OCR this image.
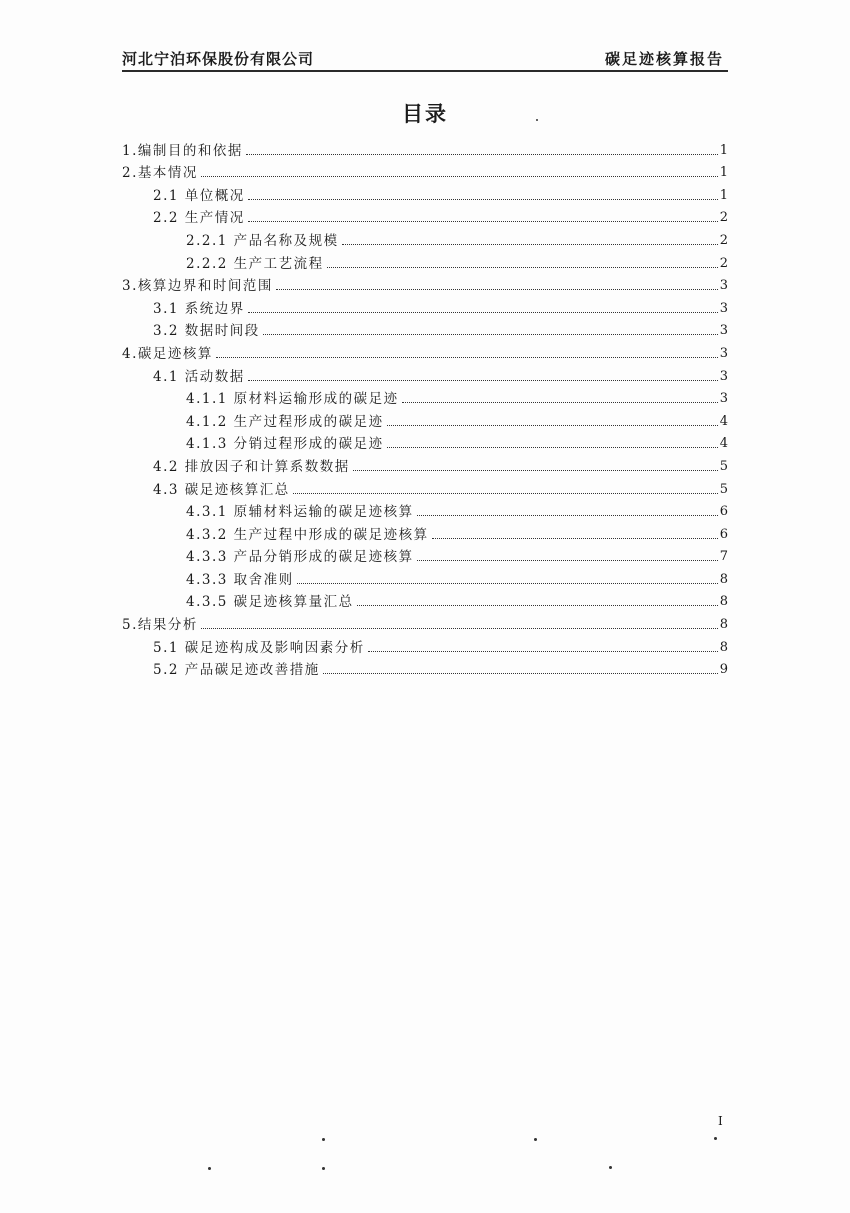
河北宁泊环保股份有限公司	碳足迹核算报告
目录
1.编制目的和依据	1
2.基本情况	1
2.1 单位概况	1
2.2 生产情况	2
2.2.1 产品名称及规模	2
2.2.2 生产工艺流程	2
3.核算边界和时间范围	3
3.1 系统边界	3
3.2 数据时间段	3
4.碳足迹核算	3
4.1 活动数据	3
4.1.1 原材料运输形成的碳足迹	3
4.1.2 生产过程形成的碳足迹	4
4.1.3 分销过程形成的碳足迹	4
4.2 排放因子和计算系数数据	5
4.3 碳足迹核算汇总	5
4.3.1 原辅材料运输的碳足迹核算	6
4.3.2 生产过程中形成的碳足迹核算	6
4.3.3 产品分销形成的碳足迹核算	7
4.3.3 取舍准则	8
4.3.5 碳足迹核算量汇总	8
5.结果分析	8
5.1 碳足迹构成及影响因素分析	8
5.2 产品碳足迹改善措施	9
I
